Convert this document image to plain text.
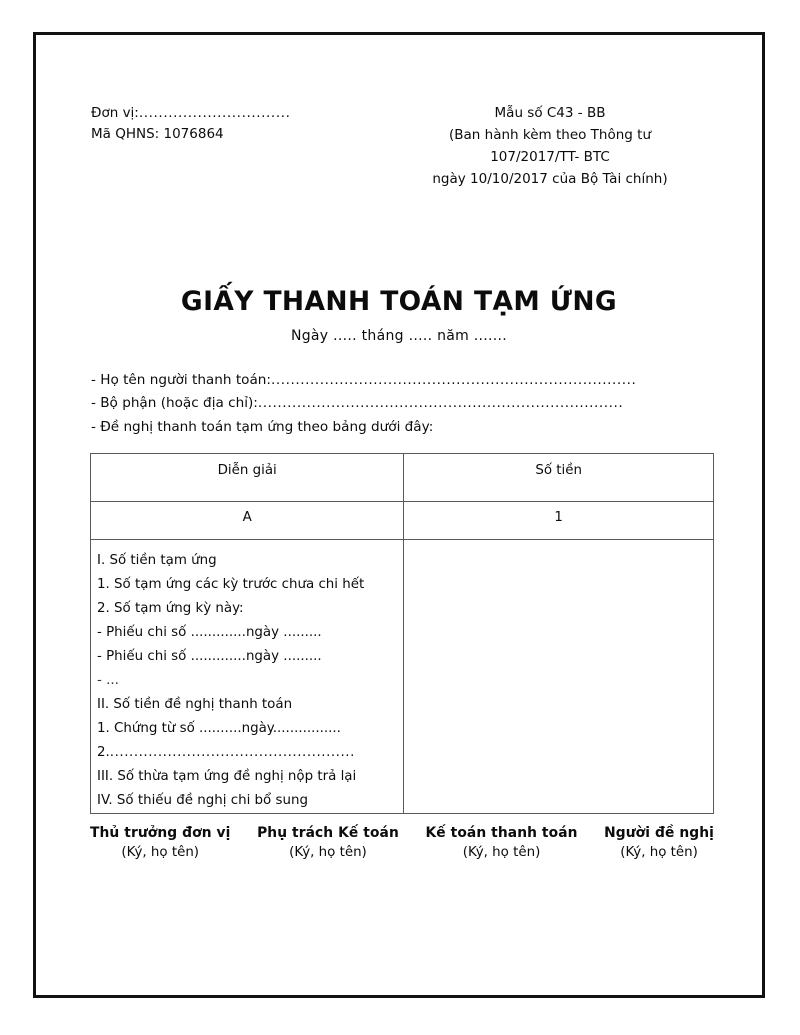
Đơn vị: ...............................
Mã QHNS: 1076864
Mẫu số C43 - BB
(Ban hành kèm theo Thông tư
107/2017/TT- BTC
ngày 10/10/2017 của Bộ Tài chính)
GIẤY THANH TOÁN TẠM ỨNG
Ngày ..... tháng ..... năm .......
- Họ tên người thanh toán: ...........................................................................
- Bộ phận (hoặc địa chỉ): ...........................................................................
- Đề nghị thanh toán tạm ứng theo bảng dưới đây:
Diễn giải	Số tiền
A	1

I. Số tiền tạm ứng
1. Số tạm ứng các kỳ trước chưa chi hết
2. Số tạm ứng kỳ này:
- Phiếu chi số .............ngày .........
- Phiếu chi số .............ngày .........
- ...
II. Số tiền đề nghị thanh toán
1. Chứng từ số ..........ngày................
2. ...................................................
III. Số thừa tạm ứng đề nghị nộp trả lại
IV. Số thiếu đề nghị chi bổ sung

Thủ trưởng đơn vị
(Ký, họ tên)
Phụ trách Kế toán
(Ký, họ tên)
Kế toán thanh toán
(Ký, họ tên)
Người đề nghị
(Ký, họ tên)
